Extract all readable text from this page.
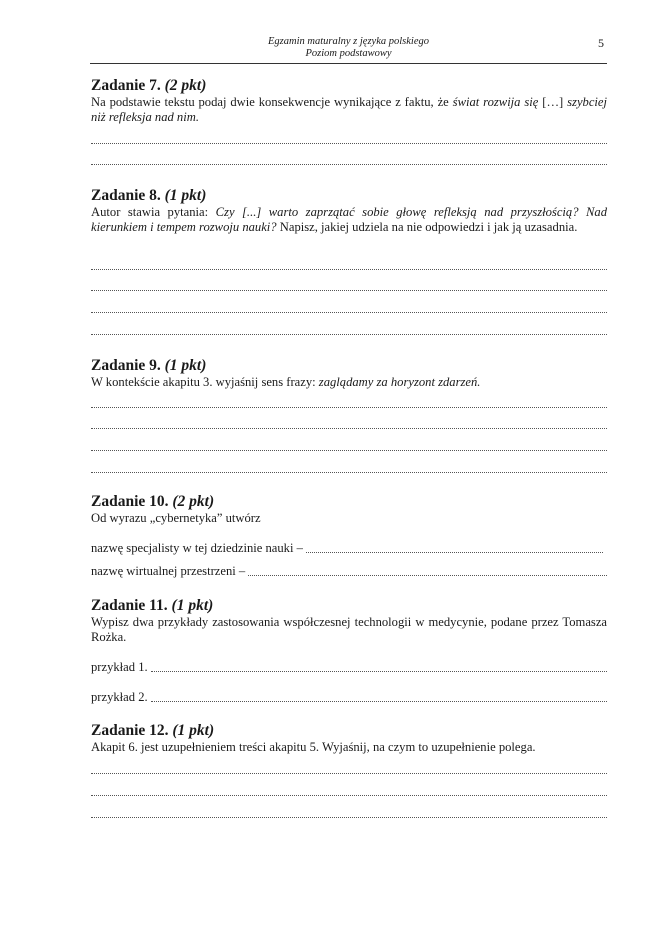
Egzamin maturalny z języka polskiego
Poziom podstawowy
5

Zadanie 7. (2 pkt)

Na podstawie tekstu podaj dwie konsekwencje wynikające z faktu, że świat rozwija się […] szybciej niż refleksja nad nim.

Zadanie 8. (1 pkt)

Autor stawia pytania: Czy [...] warto zaprzątać sobie głowę refleksją nad przyszłością? Nad kierunkiem i tempem rozwoju nauki? Napisz, jakiej udziela na nie odpowiedzi i jak ją uzasadnia.

Zadanie 9. (1 pkt)

W kontekście akapitu 3. wyjaśnij sens frazy: zaglądamy za horyzont zdarzeń.

Zadanie 10. (2 pkt)

Od wyrazu „cybernetyka” utwórz

nazwę specjalisty w tej dziedzinie nauki –
nazwę wirtualnej przestrzeni –

Zadanie 11. (1 pkt)

Wypisz dwa przykłady zastosowania współczesnej technologii w medycynie, podane przez Tomasza Rożka.

przykład 1.
przykład 2.

Zadanie 12. (1 pkt)

Akapit 6. jest uzupełnieniem treści akapitu 5. Wyjaśnij, na czym to uzupełnienie polega.
